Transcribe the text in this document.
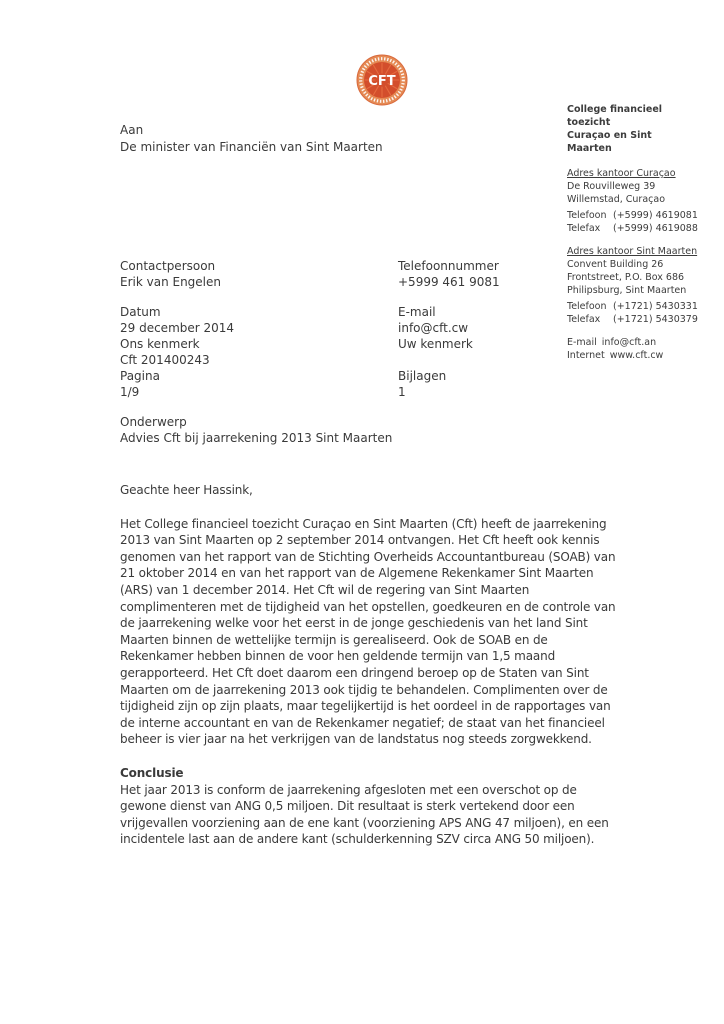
CFT
College financieel toezicht
Curaçao en Sint Maarten
Adres kantoor Curaçao
De Rouvilleweg 39
Willemstad, Curaçao
Telefoon (+5999) 4619081
Telefax	(+5999) 4619088
Adres kantoor Sint Maarten
Convent Building 26
Frontstreet, P.O. Box 686
Philipsburg, Sint Maarten
Telefoon (+1721) 5430331
Telefax	(+1721) 5430379
E-mail info@cft.an
Internet www.cft.cw
Aan
De minister van Financiën van Sint Maarten
Contactpersoon
Erik van Engelen
Telefoonnummer
+5999 461 9081
Datum
29 december 2014
E-mail
info@cft.cw
Ons kenmerk
Cft 201400243
Uw kenmerk
Pagina
1/9
Bijlagen
1
Onderwerp
Advies Cft bij jaarrekening 2013 Sint Maarten

Geachte heer Hassink,

Het College financieel toezicht Curaçao en Sint Maarten (Cft) heeft de jaarrekening 2013 van Sint Maarten op 2 september 2014 ontvangen. Het Cft heeft ook kennis genomen van het rapport van de Stichting Overheids Accountantbureau (SOAB) van 21 oktober 2014 en van het rapport van de Algemene Rekenkamer Sint Maarten (ARS) van 1 december 2014. Het Cft wil de regering van Sint Maarten complimenteren met de tijdigheid van het opstellen, goedkeuren en de controle van de jaarrekening welke voor het eerst in de jonge geschiedenis van het land Sint Maarten binnen de wettelijke termijn is gerealiseerd. Ook de SOAB en de Rekenkamer hebben binnen de voor hen geldende termijn van 1,5 maand gerapporteerd. Het Cft doet daarom een dringend beroep op de Staten van Sint Maarten om de jaarrekening 2013 ook tijdig te behandelen. Complimenten over de tijdigheid zijn op zijn plaats, maar tegelijkertijd is het oordeel in de rapportages van de interne accountant en van de Rekenkamer negatief; de staat van het financieel beheer is vier jaar na het verkrijgen van de landstatus nog steeds zorgwekkend.

Conclusie

Het jaar 2013 is conform de jaarrekening afgesloten met een overschot op de gewone dienst van ANG 0,5 miljoen. Dit resultaat is sterk vertekend door een vrijgevallen voorziening aan de ene kant (voorziening APS ANG 47 miljoen), en een incidentele last aan de andere kant (schulderkenning SZV circa ANG 50 miljoen).
